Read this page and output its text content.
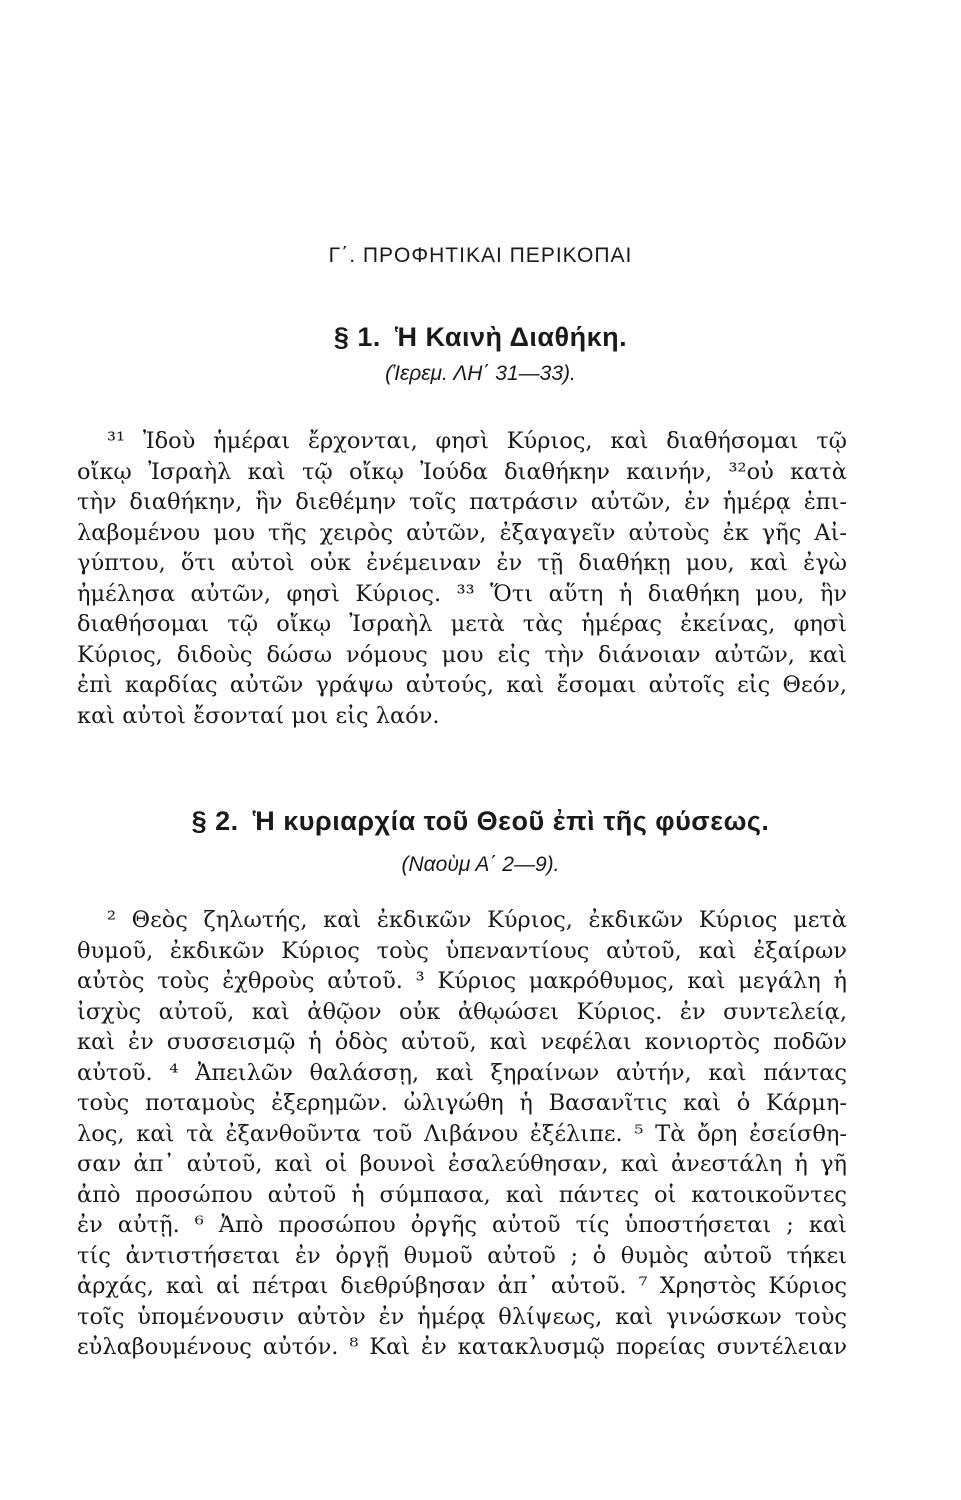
Γ΄. ΠΡΟΦΗΤΙΚΑΙ ΠΕΡΙΚΟΠΑΙ
§ 1. Ἡ Καινὴ Διαθήκη.
(Ἱερεμ. ΛΗ΄ 31—33).
³¹ Ἰδοὺ ἡμέραι ἔρχονται, φησὶ Κύριος, καὶ διαθήσομαι τῷ
οἴκῳ Ἰσραὴλ καὶ τῷ οἴκῳ Ἰούδα διαθήκην καινήν, ³²οὐ κατὰ
τὴν διαθήκην, ἣν διεθέμην τοῖς πατράσιν αὐτῶν, ἐν ἡμέρᾳ ἐπι-
λαβομένου μου τῆς χειρὸς αὐτῶν, ἐξαγαγεῖν αὐτοὺς ἐκ γῆς Αἰ-
γύπτου, ὅτι αὐτοὶ οὐκ ἐνέμειναν ἐν τῇ διαθήκῃ μου, καὶ ἐγὼ
ἠμέλησα αὐτῶν, φησὶ Κύριος. ³³ Ὅτι αὕτη ἡ διαθήκη μου, ἣν
διαθήσομαι τῷ οἴκῳ Ἰσραὴλ μετὰ τὰς ἡμέρας ἐκείνας, φησὶ
Κύριος, διδοὺς δώσω νόμους μου εἰς τὴν διάνοιαν αὐτῶν, καὶ
ἐπὶ καρδίας αὐτῶν γράψω αὐτούς, καὶ ἔσομαι αὐτοῖς εἰς Θεόν,
καὶ αὐτοὶ ἔσονταί μοι εἰς λαόν.
§ 2. Ἡ κυριαρχία τοῦ Θεοῦ ἐπὶ τῆς φύσεως.
(Ναοὺμ Α΄ 2—9).
² Θεὸς ζηλωτής, καὶ ἐκδικῶν Κύριος, ἐκδικῶν Κύριος μετὰ
θυμοῦ, ἐκδικῶν Κύριος τοὺς ὑπεναντίους αὐτοῦ, καὶ ἐξαίρων
αὐτὸς τοὺς ἐχθροὺς αὐτοῦ. ³ Κύριος μακρόθυμος, καὶ μεγάλη ἡ
ἰσχὺς αὐτοῦ, καὶ ἀθῷον οὐκ ἀθῳώσει Κύριος. ἐν συντελείᾳ,
καὶ ἐν συσσεισμῷ ἡ ὁδὸς αὐτοῦ, καὶ νεφέλαι κονιορτὸς ποδῶν
αὐτοῦ. ⁴ Ἀπειλῶν θαλάσσῃ, καὶ ξηραίνων αὐτήν, καὶ πάντας
τοὺς ποταμοὺς ἐξερημῶν. ὠλιγώθη ἡ Βασανῖτις καὶ ὁ Κάρμη-
λος, καὶ τὰ ἐξανθοῦντα τοῦ Λιβάνου ἐξέλιπε. ⁵ Τὰ ὄρη ἐσείσθη-
σαν ἀπ᾽ αὐτοῦ, καὶ οἱ βουνοὶ ἐσαλεύθησαν, καὶ ἀνεστάλη ἡ γῆ
ἀπὸ προσώπου αὐτοῦ ἡ σύμπασα, καὶ πάντες οἱ κατοικοῦντες
ἐν αὐτῇ. ⁶ Ἀπὸ προσώπου ὀργῆς αὐτοῦ τίς ὑποστήσεται ; καὶ
τίς ἀντιστήσεται ἐν ὀργῇ θυμοῦ αὐτοῦ ; ὁ θυμὸς αὐτοῦ τήκει
ἀρχάς, καὶ αἱ πέτραι διεθρύβησαν ἀπ᾽ αὐτοῦ. ⁷ Χρηστὸς Κύριος
τοῖς ὑπομένουσιν αὐτὸν ἐν ἡμέρᾳ θλίψεως, καὶ γινώσκων τοὺς
εὐλαβουμένους αὐτόν. ⁸ Καὶ ἐν κατακλυσμῷ πορείας συντέλειαν
